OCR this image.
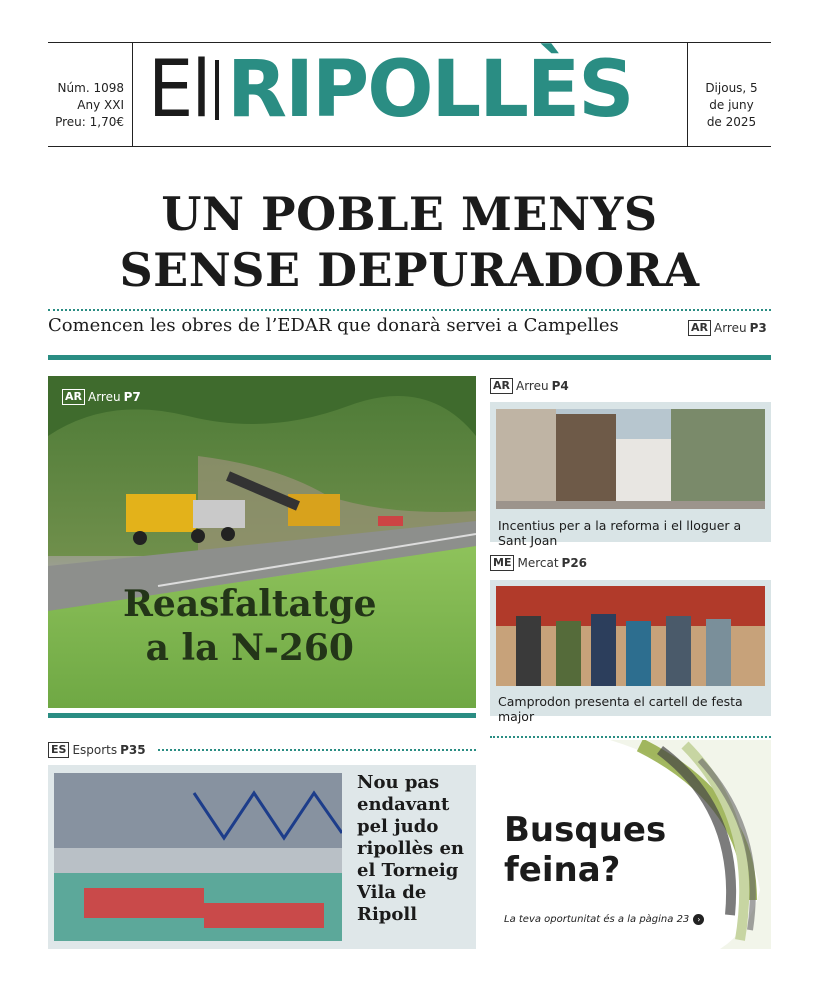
Núm. 1098
Any XXI
Preu: 1,70€ El RIPOLLÈS	Dijous, 5
de juny
de 2025
UN POBLE MENYS
SENSE DEPURADORA
Comencen les obres de l’EDAR que donarà servei a Campelles	AR Arreu P3
AR Arreu P7
Reasfaltatge
a la N-260
AR Arreu P4
Incentius per a la reforma i el lloguer a Sant Joan
ME Mercat P26
Camprodon presenta el cartell de festa major
ES Esports P35
Nou pas
endavant
pel judo
ripollès en
el Torneig
Vila de
Ripoll
Busques
feina?
La teva oportunitat és a la pàgina 23 ›
